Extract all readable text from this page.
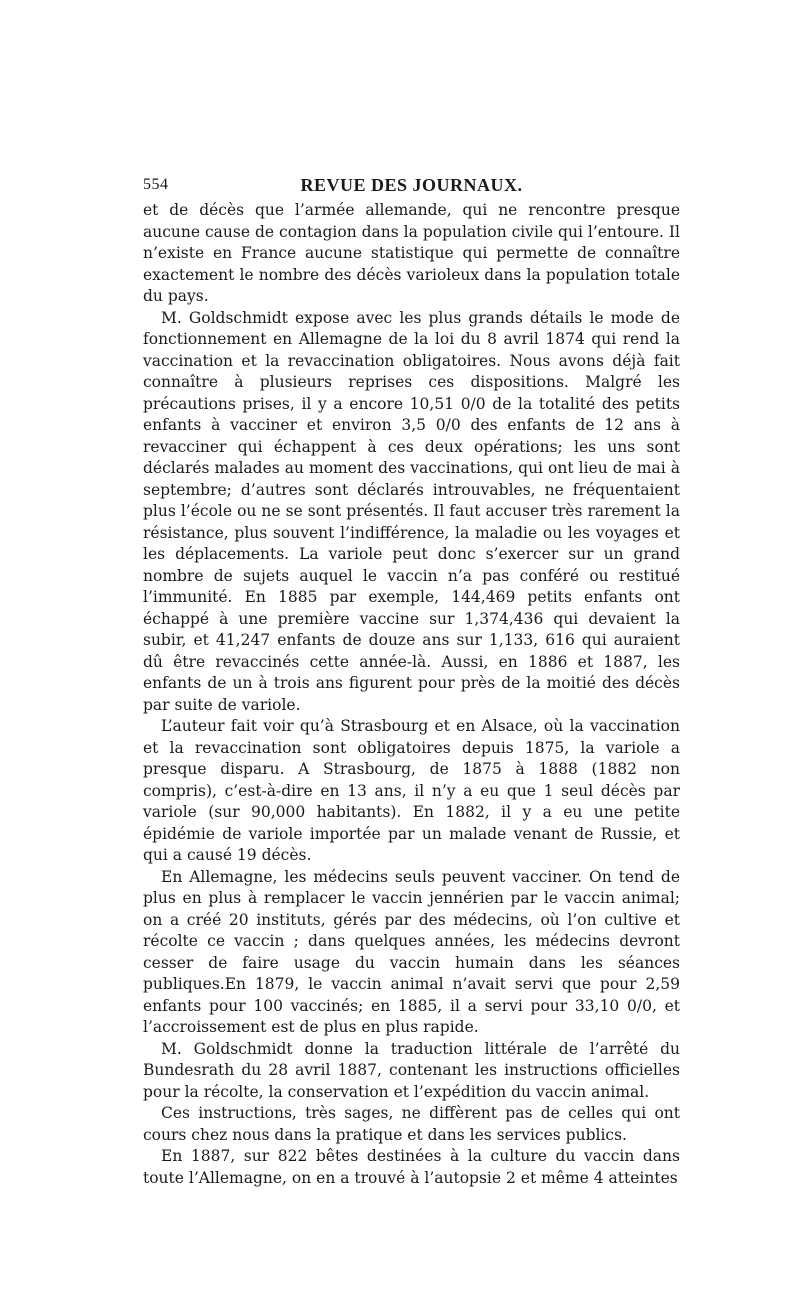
554	REVUE DES JOURNAUX.

et de décès que l’armée allemande, qui ne rencontre presque aucune cause de contagion dans la population civile qui l’entoure. Il n’existe en France aucune statistique qui permette de connaître exactement le nombre des décès varioleux dans la population totale du pays.

M. Goldschmidt expose avec les plus grands détails le mode de fonctionnement en Allemagne de la loi du 8 avril 1874 qui rend la vaccination et la revaccination obligatoires. Nous avons déjà fait connaître à plusieurs reprises ces dispositions. Malgré les précautions prises, il y a encore 10,51 0/0 de la totalité des petits enfants à vacciner et environ 3,5 0/0 des enfants de 12 ans à revacciner qui échappent à ces deux opérations; les uns sont déclarés malades au moment des vaccinations, qui ont lieu de mai à septembre; d’autres sont déclarés introuvables, ne fréquentaient plus l’école ou ne se sont présentés. Il faut accuser très rarement la résistance, plus souvent l’indifférence, la maladie ou les voyages et les déplacements. La variole peut donc s’exercer sur un grand nombre de sujets auquel le vaccin n’a pas conféré ou restitué l’immunité. En 1885 par exemple, 144,469 petits enfants ont échappé à une première vaccine sur 1,374,436 qui devaient la subir, et 41,247 enfants de douze ans sur 1,133, 616 qui auraient dû être revaccinés cette année-là. Aussi, en 1886 et 1887, les enfants de un à trois ans figurent pour près de la moitié des décès par suite de variole.

L’auteur fait voir qu’à Strasbourg et en Alsace, où la vaccination et la revaccination sont obligatoires depuis 1875, la variole a presque disparu. A Strasbourg, de 1875 à 1888 (1882 non compris), c’est-à-dire en 13 ans, il n’y a eu que 1 seul décès par variole (sur 90,000 habitants). En 1882, il y a eu une petite épidémie de variole importée par un malade venant de Russie, et qui a causé 19 décès.

En Allemagne, les médecins seuls peuvent vacciner. On tend de plus en plus à remplacer le vaccin jennérien par le vaccin animal; on a créé 20 instituts, gérés par des médecins, où l’on cultive et récolte ce vaccin ; dans quelques années, les médecins devront cesser de faire usage du vaccin humain dans les séances publiques.En 1879, le vaccin animal n’avait servi que pour 2,59 enfants pour 100 vaccinés; en 1885, il a servi pour 33,10 0/0, et l’accroissement est de plus en plus rapide.

M. Goldschmidt donne la traduction littérale de l’arrêté du Bundesrath du 28 avril 1887, contenant les instructions officielles pour la récolte, la conservation et l’expédition du vaccin animal.

Ces instructions, très sages, ne diffèrent pas de celles qui ont cours chez nous dans la pratique et dans les services publics.

En 1887, sur 822 bêtes destinées à la culture du vaccin dans toute l’Allemagne, on en a trouvé à l’autopsie 2 et même 4 atteintes
